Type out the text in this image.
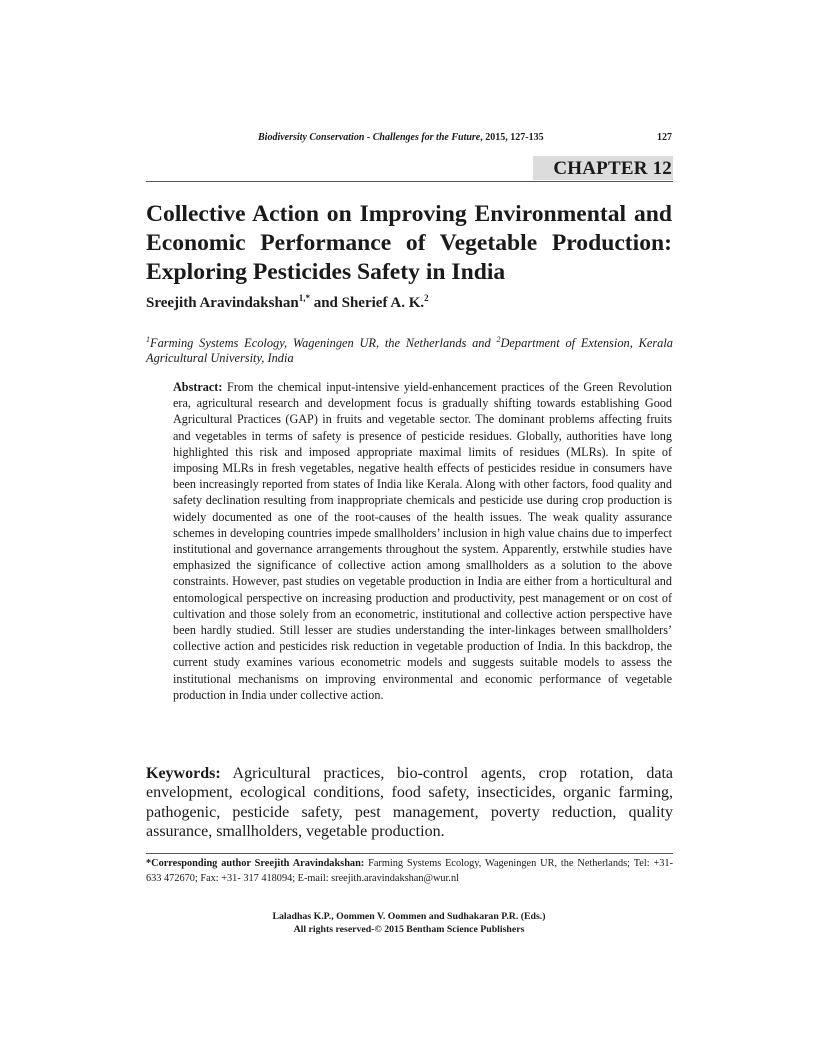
Biodiversity Conservation - Challenges for the Future, 2015, 127-135	127
CHAPTER 12
Collective Action on Improving Environmental and Economic Performance of Vegetable Production: Exploring Pesticides Safety in India
Sreejith Aravindakshan$^{1,*}$ and Sherief A. K.$^2$
$^1$Farming Systems Ecology, Wageningen UR, the Netherlands and $^2$Department of Extension, Kerala Agricultural University, India
Abstract: From the chemical input-intensive yield-enhancement practices of the Green Revolution era, agricultural research and development focus is gradually shifting towards establishing Good Agricultural Practices (GAP) in fruits and vegetable sector. The dominant problems affecting fruits and vegetables in terms of safety is presence of pesticide residues. Globally, authorities have long highlighted this risk and imposed appropriate maximal limits of residues (MLRs). In spite of imposing MLRs in fresh vegetables, negative health effects of pesticides residue in consumers have been increasingly reported from states of India like Kerala. Along with other factors, food quality and safety declination resulting from inappropriate chemicals and pesticide use during crop production is widely documented as one of the root-causes of the health issues. The weak quality assurance schemes in developing countries impede smallholders’ inclusion in high value chains due to imperfect institutional and governance arrangements throughout the system. Apparently, erstwhile studies have emphasized the significance of collective action among smallholders as a solution to the above constraints. However, past studies on vegetable production in India are either from a horticultural and entomological perspective on increasing production and productivity, pest management or on cost of cultivation and those solely from an econometric, institutional and collective action perspective have been hardly studied. Still lesser are studies understanding the inter-linkages between smallholders’ collective action and pesticides risk reduction in vegetable production of India. In this backdrop, the current study examines various econometric models and suggests suitable models to assess the institutional mechanisms on improving environmental and economic performance of vegetable production in India under collective action.
Keywords: Agricultural practices, bio-control agents, crop rotation, data envelopment, ecological conditions, food safety, insecticides, organic farming, pathogenic, pesticide safety, pest management, poverty reduction, quality assurance, smallholders, vegetable production.
*Corresponding author Sreejith Aravindakshan: Farming Systems Ecology, Wageningen UR, the Netherlands; Tel: +31- 633 472670; Fax: +31- 317 418094; E-mail: sreejith.aravindakshan@wur.nl
Laladhas K.P., Oommen V. Oommen and Sudhakaran P.R. (Eds.)
All rights reserved-© 2015 Bentham Science Publishers
